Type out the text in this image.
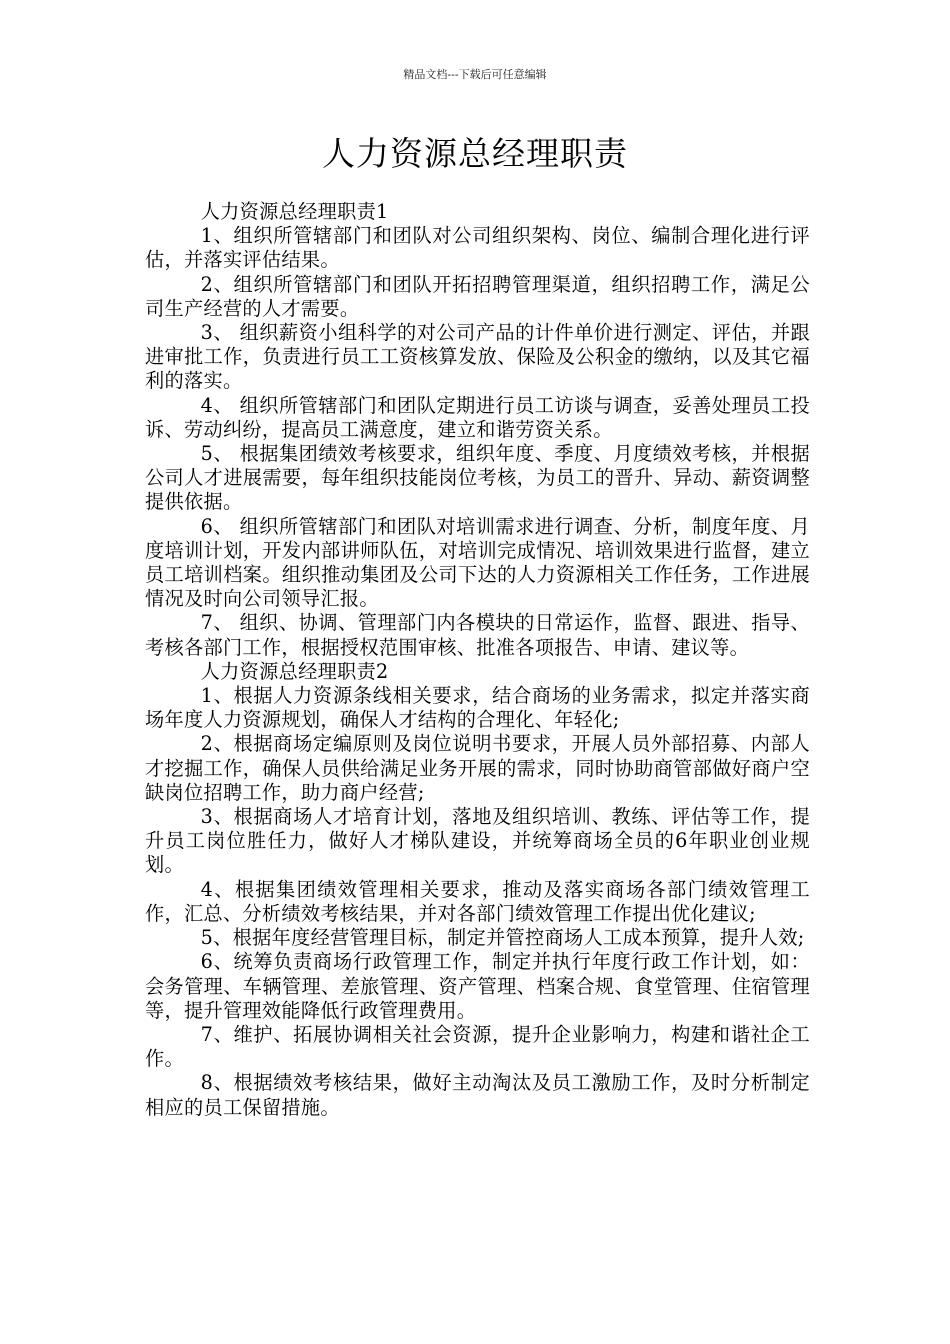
精品文档---下载后可任意编辑
人力资源总经理职责

人力资源总经理职责1

1、组织所管辖部门和团队对公司组织架构、岗位、编制合理化进行评估，并落实评估结果。

2、组织所管辖部门和团队开拓招聘管理渠道，组织招聘工作，满足公司生产经营的人才需要。

3、 组织薪资小组科学的对公司产品的计件单价进行测定、评估，并跟进审批工作，负责进行员工工资核算发放、保险及公积金的缴纳，以及其它福利的落实。

4、 组织所管辖部门和团队定期进行员工访谈与调查，妥善处理员工投诉、劳动纠纷，提高员工满意度，建立和谐劳资关系。

5、 根据集团绩效考核要求，组织年度、季度、月度绩效考核，并根据公司人才进展需要，每年组织技能岗位考核，为员工的晋升、异动、薪资调整提供依据。

6、 组织所管辖部门和团队对培训需求进行调查、分析，制度年度、月度培训计划，开发内部讲师队伍，对培训完成情况、培训效果进行监督，建立员工培训档案。组织推动集团及公司下达的人力资源相关工作任务，工作进展情况及时向公司领导汇报。

7、 组织、协调、管理部门内各模块的日常运作，监督、跟进、指导、考核各部门工作，根据授权范围审核、批准各项报告、申请、建议等。

人力资源总经理职责2

1、根据人力资源条线相关要求，结合商场的业务需求，拟定并落实商场年度人力资源规划，确保人才结构的合理化、年轻化;

2、根据商场定编原则及岗位说明书要求，开展人员外部招募、内部人才挖掘工作，确保人员供给满足业务开展的需求，同时协助商管部做好商户空缺岗位招聘工作，助力商户经营;

3、根据商场人才培育计划，落地及组织培训、教练、评估等工作，提升员工岗位胜任力，做好人才梯队建设，并统筹商场全员的6年职业创业规划。

4、根据集团绩效管理相关要求，推动及落实商场各部门绩效管理工作，汇总、分析绩效考核结果，并对各部门绩效管理工作提出优化建议;

5、根据年度经营管理目标，制定并管控商场人工成本预算，提升人效;

6、统筹负责商场行政管理工作，制定并执行年度行政工作计划，如：会务管理、车辆管理、差旅管理、资产管理、档案合规、食堂管理、住宿管理等，提升管理效能降低行政管理费用。

7、维护、拓展协调相关社会资源，提升企业影响力，构建和谐社企工作。

8、根据绩效考核结果，做好主动淘汰及员工激励工作，及时分析制定相应的员工保留措施。
